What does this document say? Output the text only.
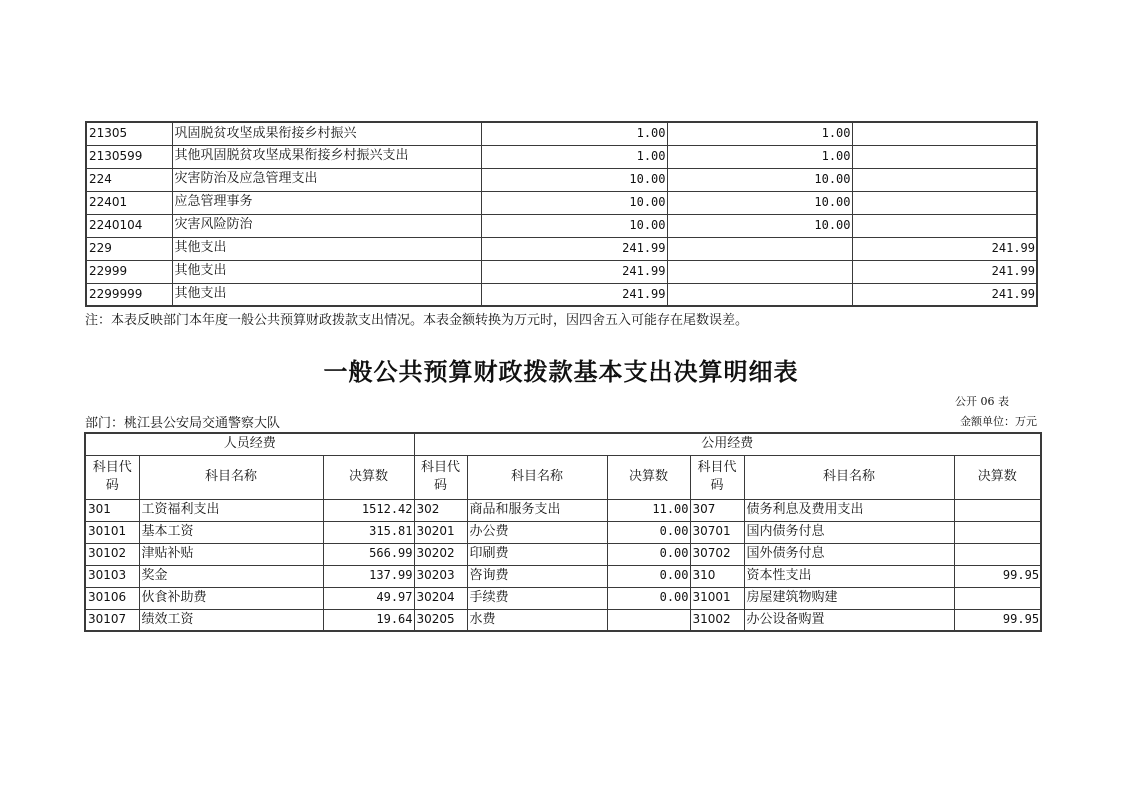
21305	巩固脱贫攻坚成果衔接乡村振兴	1.00	1.00	
2130599	其他巩固脱贫攻坚成果衔接乡村振兴支出	1.00	1.00	
224	灾害防治及应急管理支出	10.00	10.00	
22401	应急管理事务	10.00	10.00	
2240104	灾害风险防治	10.00	10.00	
229	其他支出	241.99		241.99
22999	其他支出	241.99		241.99
2299999	其他支出	241.99		241.99
注：本表反映部门本年度一般公共预算财政拨款支出情况。本表金额转换为万元时，因四舍五入可能存在尾数误差。
一般公共预算财政拨款基本支出决算明细表
公开 06 表
部门：桃江县公安局交通警察大队	金额单位：万元
人员经费			公用经费					
科目代码	科目名称	决算数	科目代码	科目名称	决算数	科目代码	科目名称	决算数
301	工资福利支出	1512.42	302	商品和服务支出	11.00	307	债务利息及费用支出	
30101	基本工资	315.81	30201	办公费	0.00	30701	国内债务付息	
30102	津贴补贴	566.99	30202	印刷费	0.00	30702	国外债务付息	
30103	奖金	137.99	30203	咨询费	0.00	310	资本性支出	99.95
30106	伙食补助费	49.97	30204	手续费	0.00	31001	房屋建筑物购建	
30107	绩效工资	19.64	30205	水费		31002	办公设备购置	99.95
